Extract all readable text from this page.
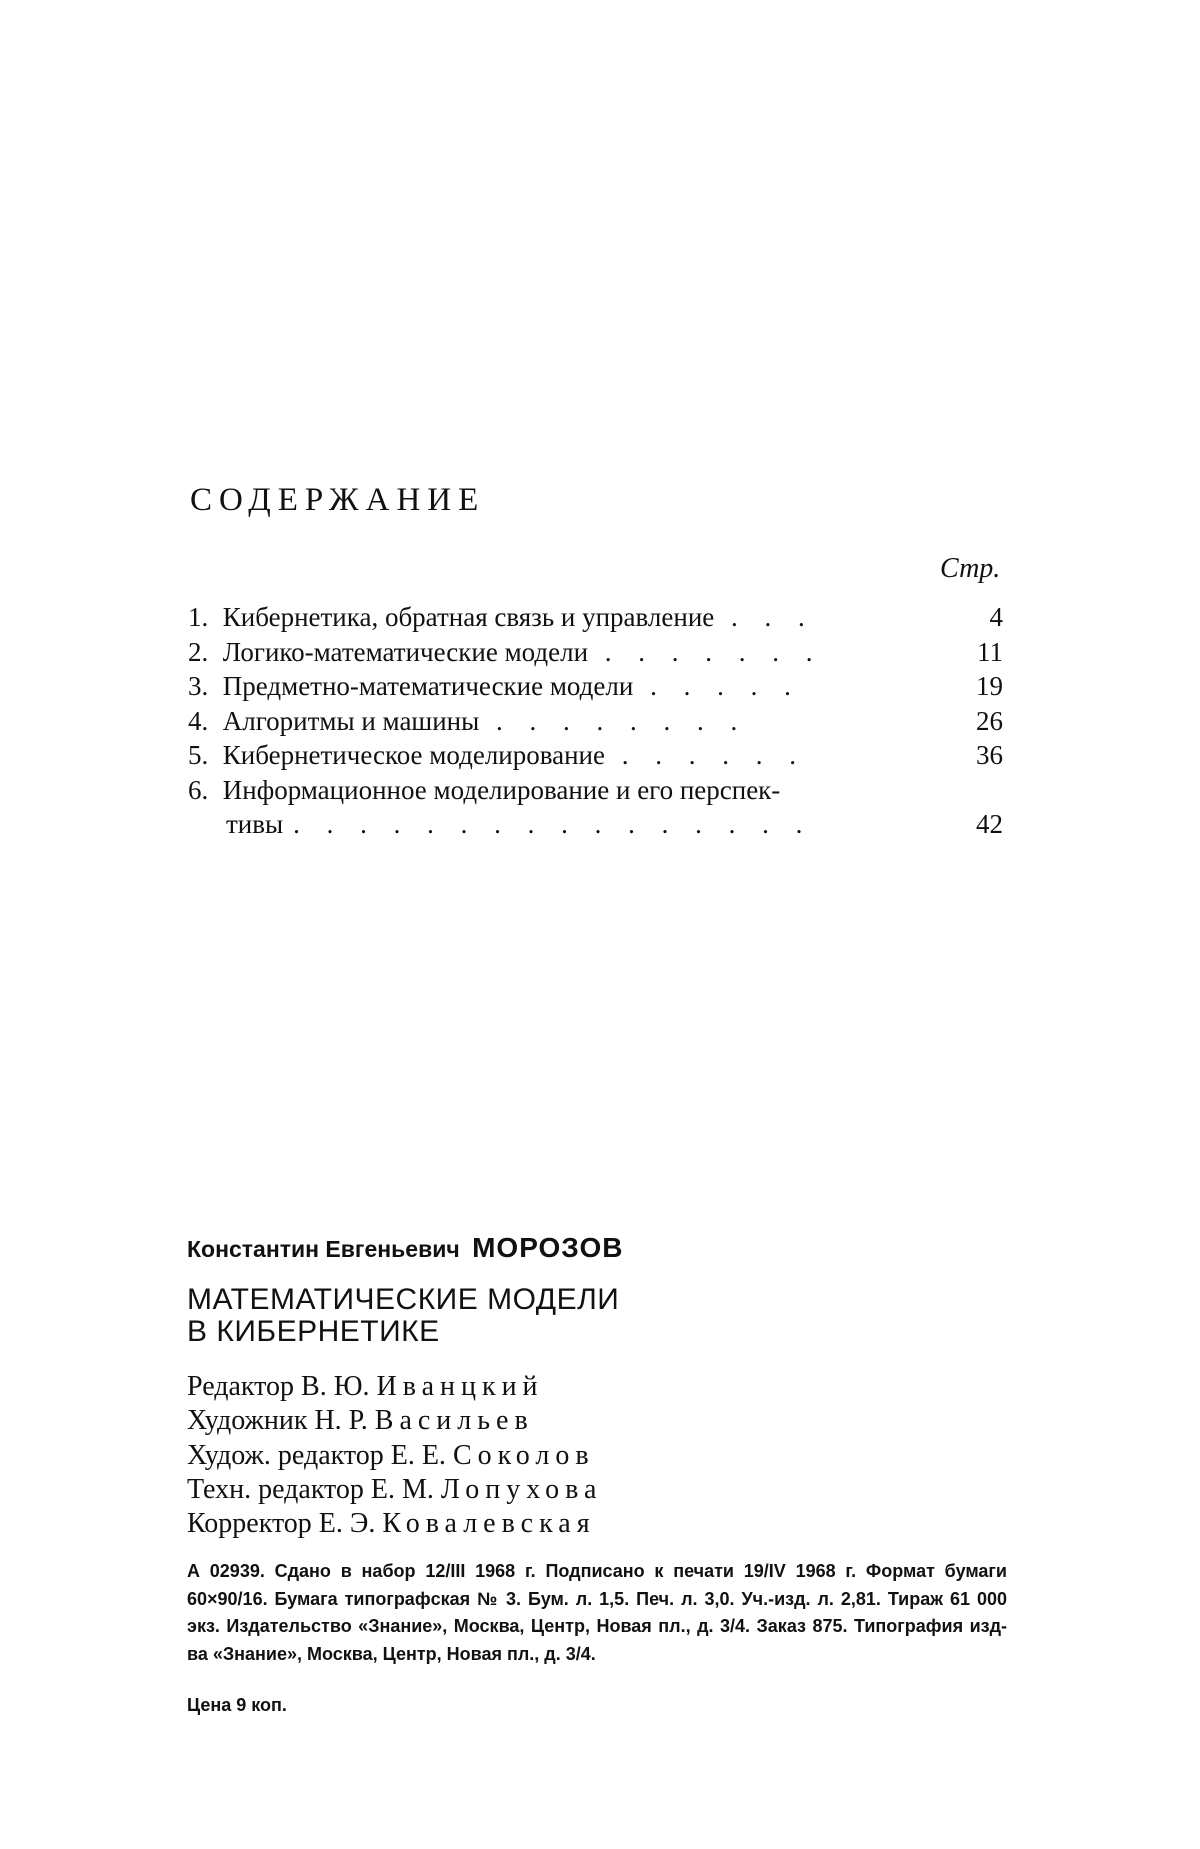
СОДЕРЖАНИЕ
Стр.
1. Кибернетика, обратная связь и управление . . .	4
2. Логико-математические модели . . . . . . .	11
3. Предметно-математические модели . . . . .	19
4. Алгоритмы и машины . . . . . . . .	26
5. Кибернетическое моделирование . . . . . .	36
6. Информационное моделирование и его перспек-
тивы . . . . . . . . . . . . . . . .	42

Константин Евгеньевич МОРОЗОВ

МАТЕМАТИЧЕСКИЕ МОДЕЛИ
В КИБЕРНЕТИКЕ
Редактор В. Ю. Иванцкий
Художник Н. Р. Васильев
Худож. редактор Е. Е. Соколов
Техн. редактор Е. М. Лопухова
Корректор Е. Э. Ковалевская

А 02939. Сдано в набор 12/III 1968 г. Подписано к печати 19/IV 1968 г. Формат бумаги 60×90/16. Бумага типографская № 3. Бум. л. 1,5. Печ. л. 3,0. Уч.-изд. л. 2,81. Тираж 61 000 экз. Издательство «Знание», Москва, Центр, Новая пл., д. 3/4. Заказ 875. Типография изд-ва «Знание», Москва, Центр, Новая пл., д. 3/4.

Цена 9 коп.
